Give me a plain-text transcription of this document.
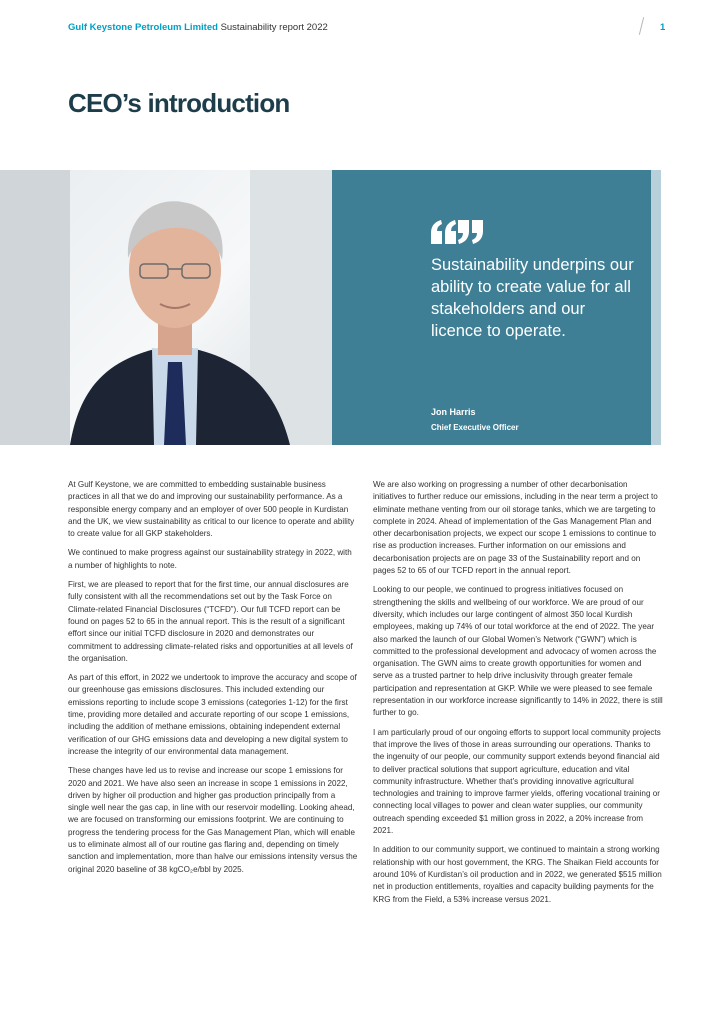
Gulf Keystone Petroleum Limited Sustainability report 2022	1
CEO’s introduction
Sustainability underpins our ability to create value for all stakeholders and our licence to operate.
Jon Harris
Chief Executive Officer

At Gulf Keystone, we are committed to embedding sustainable business practices in all that we do and improving our sustainability performance. As a responsible energy company and an employer of over 500 people in Kurdistan and the UK, we view sustainability as critical to our licence to operate and ability to create value for all GKP stakeholders.

We continued to make progress against our sustainability strategy in 2022, with a number of highlights to note.

First, we are pleased to report that for the first time, our annual disclosures are fully consistent with all the recommendations set out by the Task Force on Climate-related Financial Disclosures (“TCFD”). Our full TCFD report can be found on pages 52 to 65 in the annual report. This is the result of a significant effort since our initial TCFD disclosure in 2020 and demonstrates our commitment to addressing climate-related risks and opportunities at all levels of the organisation.

As part of this effort, in 2022 we undertook to improve the accuracy and scope of our greenhouse gas emissions disclosures. This included extending our emissions reporting to include scope 3 emissions (categories 1-12) for the first time, providing more detailed and accurate reporting of our scope 1 emissions, including the addition of methane emissions, obtaining independent external verification of our GHG emissions data and developing a new digital system to increase the integrity of our environmental data management.

These changes have led us to revise and increase our scope 1 emissions for 2020 and 2021. We have also seen an increase in scope 1 emissions in 2022, driven by higher oil production and higher gas production principally from a single well near the gas cap, in line with our reservoir modelling. Looking ahead, we are focused on transforming our emissions footprint. We are continuing to progress the tendering process for the Gas Management Plan, which will enable us to eliminate almost all of our routine gas flaring and, depending on timely sanction and implementation, more than halve our emissions intensity versus the original 2020 baseline of 38 kgCO₂e/bbl by 2025.

We are also working on progressing a number of other decarbonisation initiatives to further reduce our emissions, including in the near term a project to eliminate methane venting from our oil storage tanks, which we are targeting to complete in 2024. Ahead of implementation of the Gas Management Plan and other decarbonisation projects, we expect our scope 1 emissions to continue to rise as production increases. Further information on our emissions and decarbonisation projects are on page 33 of the Sustainability report and on pages 52 to 65 of our TCFD report in the annual report.

Looking to our people, we continued to progress initiatives focused on strengthening the skills and wellbeing of our workforce. We are proud of our diversity, which includes our large contingent of almost 350 local Kurdish employees, making up 74% of our total workforce at the end of 2022. The year also marked the launch of our Global Women’s Network (“GWN”) which is committed to the professional development and advocacy of women across the organisation. The GWN aims to create growth opportunities for women and serve as a trusted partner to help drive inclusivity through greater female participation and representation at GKP. While we were pleased to see female representation in our workforce increase significantly to 14% in 2022, there is still further to go.

I am particularly proud of our ongoing efforts to support local community projects that improve the lives of those in areas surrounding our operations. Thanks to the ingenuity of our people, our community support extends beyond financial aid to deliver practical solutions that support agriculture, education and vital community infrastructure. Whether that’s providing innovative agricultural technologies and training to improve farmer yields, offering vocational training or connecting local villages to power and clean water supplies, our community outreach spending exceeded $1 million gross in 2022, a 20% increase from 2021.

In addition to our community support, we continued to maintain a strong working relationship with our host government, the KRG. The Shaikan Field accounts for around 10% of Kurdistan’s oil production and in 2022, we generated $515 million net in production entitlements, royalties and capacity building payments for the KRG from the Field, a 53% increase versus 2021.
